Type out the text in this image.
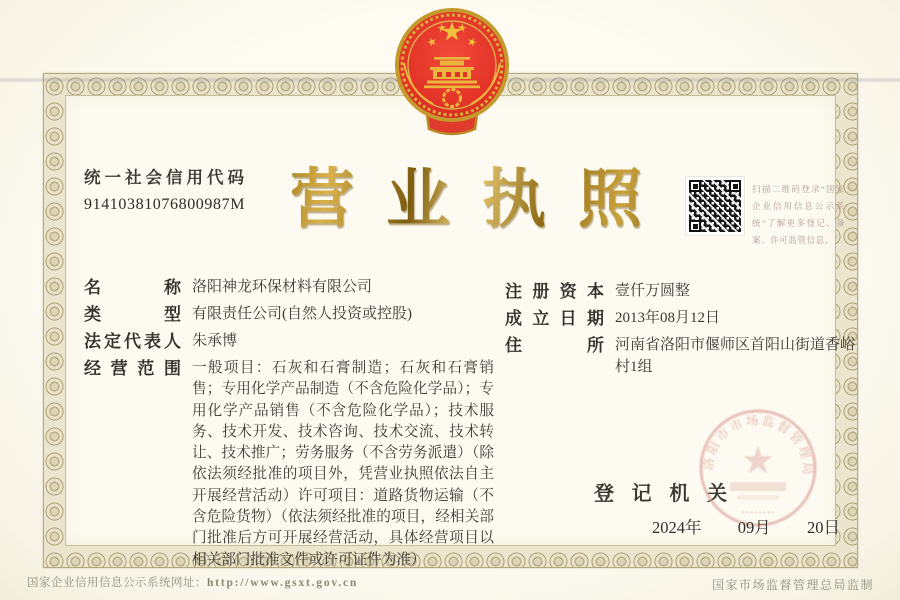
统一社会信用代码
91410381076800987M 营业执照	扫描二维码登录“国家企业信用信息公示系统”了解更多登记、备案、许可监管信息。
名称 洛阳神龙环保材料有限公司
类型 有限责任公司(自然人投资或控股)
法定代表人 朱承博
经营范围 一般项目：石灰和石膏制造；石灰和石膏销售；专用化学产品制造（不含危险化学品）；专用化学产品销售（不含危险化学品）；技术服务、技术开发、技术咨询、技术交流、技术转让、技术推广；劳务服务（不含劳务派遣）（除依法须经批准的项目外，凭营业执照依法自主开展经营活动）许可项目：道路货物运输（不含危险货物）（依法须经批准的项目，经相关部门批准后方可开展经营活动，具体经营项目以相关部门批准文件或许可证件为准）
注册资本 壹仟万圆整
成立日期 2013年08月12日
住所 河南省洛阳市偃师区首阳山街道香峪村1组
登记机关
洛阳市市场监督管理局
• • • • • • • •
2024年 09月 20日
国家企业信用信息公示系统网址：http://www.gsxt.gov.cn	国家市场监督管理总局监制
